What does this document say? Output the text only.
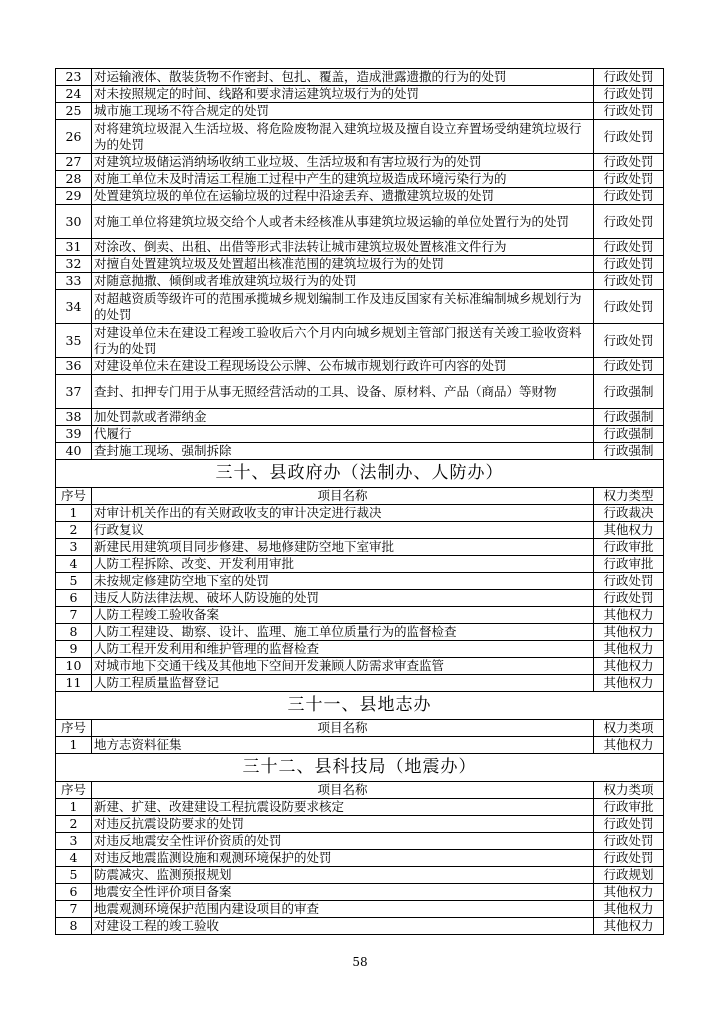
23	对运输液体、散装货物不作密封、包扎、覆盖，造成泄露遗撒的行为的处罚	行政处罚
24	对未按照规定的时间、线路和要求清运建筑垃圾行为的处罚	行政处罚
25	城市施工现场不符合规定的处罚	行政处罚
26	对将建筑垃圾混入生活垃圾、将危险废物混入建筑垃圾及擅自设立弃置场受纳建筑垃圾行为的处罚	行政处罚
27	对建筑垃圾储运消纳场收纳工业垃圾、生活垃圾和有害垃圾行为的处罚	行政处罚
28	对施工单位未及时清运工程施工过程中产生的建筑垃圾造成环境污染行为的	行政处罚
29	处置建筑垃圾的单位在运输垃圾的过程中沿途丢弃、遗撒建筑垃圾的处罚	行政处罚
30	对施工单位将建筑垃圾交给个人或者未经核准从事建筑垃圾运输的单位处置行为的处罚	行政处罚
31	对涂改、倒卖、出租、出借等形式非法转让城市建筑垃圾处置核准文件行为	行政处罚
32	对擅自处置建筑垃圾及处置超出核准范围的建筑垃圾行为的处罚	行政处罚
33	对随意抛撒、倾倒或者堆放建筑垃圾行为的处罚	行政处罚
34	对超越资质等级许可的范围承揽城乡规划编制工作及违反国家有关标准编制城乡规划行为的处罚	行政处罚
35	对建设单位未在建设工程竣工验收后六个月内向城乡规划主管部门报送有关竣工验收资料行为的处罚	行政处罚
36	对建设单位未在建设工程现场设公示牌、公布城市规划行政许可内容的处罚	行政处罚
37	查封、扣押专门用于从事无照经营活动的工具、设备、原材料、产品（商品）等财物	行政强制
38	加处罚款或者滞纳金	行政强制
39	代履行	行政强制
40	查封施工现场、强制拆除	行政强制
三十、县政府办（法制办、人防办）		
序号	项目名称	权力类型
1	对审计机关作出的有关财政收支的审计决定进行裁决	行政裁决
2	行政复议	其他权力
3	新建民用建筑项目同步修建、易地修建防空地下室审批	行政审批
4	人防工程拆除、改变、开发利用审批	行政审批
5	未按规定修建防空地下室的处罚	行政处罚
6	违反人防法律法规、破坏人防设施的处罚	行政处罚
7	人防工程竣工验收备案	其他权力
8	人防工程建设、勘察、设计、监理、施工单位质量行为的监督检查	其他权力
9	人防工程开发利用和维护管理的监督检查	其他权力
10	对城市地下交通干线及其他地下空间开发兼顾人防需求审查监管	其他权力
11	人防工程质量监督登记	其他权力
三十一、县地志办		
序号	项目名称	权力类项
1	地方志资料征集	其他权力
三十二、县科技局（地震办）		
序号	项目名称	权力类项
1	新建、扩建、改建建设工程抗震设防要求核定	行政审批
2	对违反抗震设防要求的处罚	行政处罚
3	对违反地震安全性评价资质的处罚	行政处罚
4	对违反地震监测设施和观测环境保护的处罚	行政处罚
5	防震减灾、监测预报规划	行政规划
6	地震安全性评价项目备案	其他权力
7	地震观测环境保护范围内建设项目的审查	其他权力
8	对建设工程的竣工验收	其他权力
58
